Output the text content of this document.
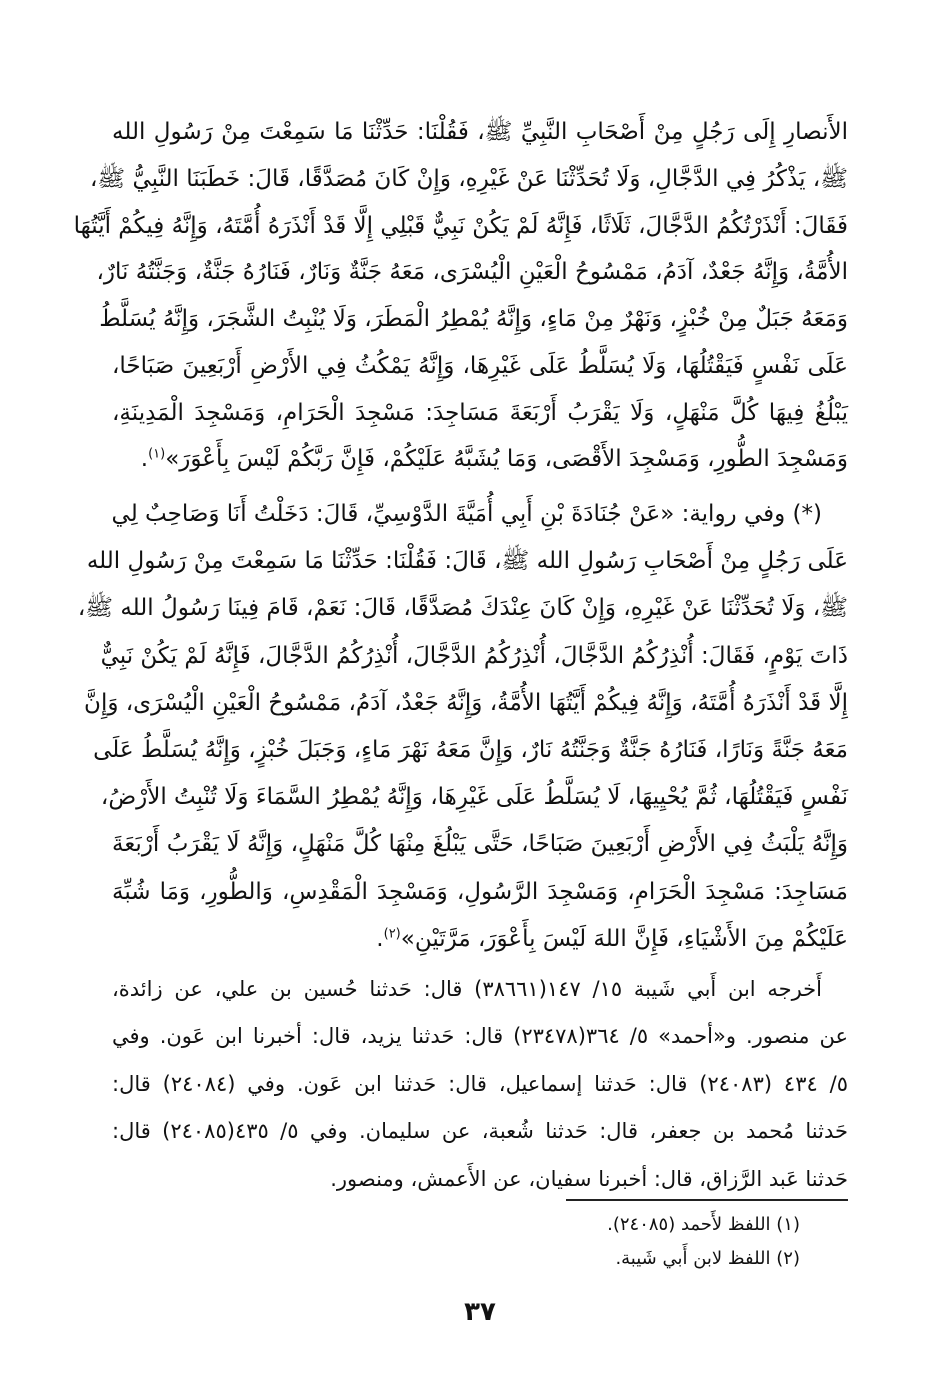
الأَنصارِ إِلَى رَجُلٍ مِنْ أَصْحَابِ النَّبِيِّ ﷺ، فَقُلْنَا: حَدِّثْنَا مَا سَمِعْتَ مِنْ رَسُولِ الله
ﷺ، يَذْكُرُ فِي الدَّجَّالِ، وَلَا تُحَدِّثْنَا عَنْ غَيْرِهِ، وَإِنْ كَانَ مُصَدَّقًا، قَالَ: خَطَبَنَا النَّبِيُّ ﷺ،
فَقَالَ: أَنْذَرْتُكُمُ الدَّجَّالَ، ثَلَاثًا، فَإِنَّهُ لَمْ يَكُنْ نَبِيٌّ قَبْلِي إِلَّا قَدْ أَنْذَرَهُ أُمَّتَهُ، وَإِنَّهُ فِيكُمْ أَيَّتُهَا
الأُمَّةُ، وَإِنَّهُ جَعْدٌ، آدَمُ، مَمْسُوحُ الْعَيْنِ الْيُسْرَى، مَعَهُ جَنَّةٌ وَنَارٌ، فَنَارُهُ جَنَّةٌ، وَجَنَّتُهُ نَارٌ،
وَمَعَهُ جَبَلٌ مِنْ خُبْزٍ، وَنَهْرٌ مِنْ مَاءٍ، وَإِنَّهُ يُمْطِرُ الْمَطَرَ، وَلَا يُنْبِتُ الشَّجَرَ، وَإِنَّهُ يُسَلَّطُ
عَلَى نَفْسٍ فَيَقْتُلُهَا، وَلَا يُسَلَّطُ عَلَى غَيْرِهَا، وَإِنَّهُ يَمْكُثُ فِي الأَرْضِ أَرْبَعِينَ صَبَاحًا،
يَبْلُغُ فِيهَا كُلَّ مَنْهَلٍ، وَلَا يَقْرَبُ أَرْبَعَةَ مَسَاجِدَ: مَسْجِدَ الْحَرَامِ، وَمَسْجِدَ الْمَدِينَةِ،
وَمَسْجِدَ الطُّورِ، وَمَسْجِدَ الأَقْصَى، وَمَا يُشَبَّهُ عَلَيْكُمْ، فَإِنَّ رَبَّكُمْ لَيْسَ بِأَعْوَرَ»$^{(١)}$.
(*) وفي رواية: «عَنْ جُنَادَةَ بْنِ أَبِي أُمَيَّةَ الدَّوْسِيِّ، قَالَ: دَخَلْتُ أَنَا وَصَاحِبٌ لِي
عَلَى رَجُلٍ مِنْ أَصْحَابِ رَسُولِ الله ﷺ، قَالَ: فَقُلْنَا: حَدِّثْنَا مَا سَمِعْتَ مِنْ رَسُولِ الله
ﷺ، وَلَا تُحَدِّثْنَا عَنْ غَيْرِهِ، وَإِنْ كَانَ عِنْدَكَ مُصَدَّقًا، قَالَ: نَعَمْ، قَامَ فِينَا رَسُولُ الله ﷺ،
ذَاتَ يَوْمٍ، فَقَالَ: أُنْذِرُكُمُ الدَّجَّالَ، أُنْذِرُكُمُ الدَّجَّالَ، أُنْذِرُكُمُ الدَّجَّالَ، فَإِنَّهُ لَمْ يَكُنْ نَبِيٌّ
إِلَّا قَدْ أَنْذَرَهُ أُمَّتَهُ، وَإِنَّهُ فِيكُمْ أَيَّتُهَا الأُمَّةُ، وَإِنَّهُ جَعْدٌ، آدَمُ، مَمْسُوحُ الْعَيْنِ الْيُسْرَى، وَإِنَّ
مَعَهُ جَنَّةً وَنَارًا، فَنَارُهُ جَنَّةٌ وَجَنَّتُهُ نَارٌ، وَإِنَّ مَعَهُ نَهْرَ مَاءٍ، وَجَبَلَ خُبْزٍ، وَإِنَّهُ يُسَلَّطُ عَلَى
نَفْسٍ فَيَقْتُلُهَا، ثُمَّ يُحْيِيهَا، لَا يُسَلَّطُ عَلَى غَيْرِهَا، وَإِنَّهُ يُمْطِرُ السَّمَاءَ وَلَا تُنْبِتُ الأَرْضُ،
وَإِنَّهُ يَلْبَثُ فِي الأَرْضِ أَرْبَعِينَ صَبَاحًا، حَتَّى يَبْلُغَ مِنْهَا كُلَّ مَنْهَلٍ، وَإِنَّهُ لَا يَقْرَبُ أَرْبَعَةَ
مَسَاجِدَ: مَسْجِدَ الْحَرَامِ، وَمَسْجِدَ الرَّسُولِ، وَمَسْجِدَ الْمَقْدِسِ، وَالطُّورِ، وَمَا شُبِّهَ
عَلَيْكُمْ مِنَ الأَشْيَاءِ، فَإِنَّ اللهَ لَيْسَ بِأَعْوَرَ، مَرَّتَيْنِ»$^{(٢)}$.
أَخرجه ابن أَبي شَيبة ١٥/ ١٤٧(٣٨٦٦١) قال: حَدثنا حُسين بن علي، عن زائدة،
عن منصور. و«أحمد» ٥/ ٣٦٤(٢٣٤٧٨) قال: حَدثنا يزيد، قال: أخبرنا ابن عَون. وفي
٥/ ٤٣٤ (٢٤٠٨٣) قال: حَدثنا إسماعيل، قال: حَدثنا ابن عَون. وفي (٢٤٠٨٤) قال:
حَدثنا مُحمد بن جعفر، قال: حَدثنا شُعبة، عن سليمان. وفي ٥/ ٤٣٥(٢٤٠٨٥) قال:
حَدثنا عَبد الرَّزاق، قال: أخبرنا سفيان، عن الأَعمش، ومنصور.
(١) اللفظ لأَحمد (٢٤٠٨٥).
(٢) اللفظ لابن أَبي شَيبة.
٣٧
